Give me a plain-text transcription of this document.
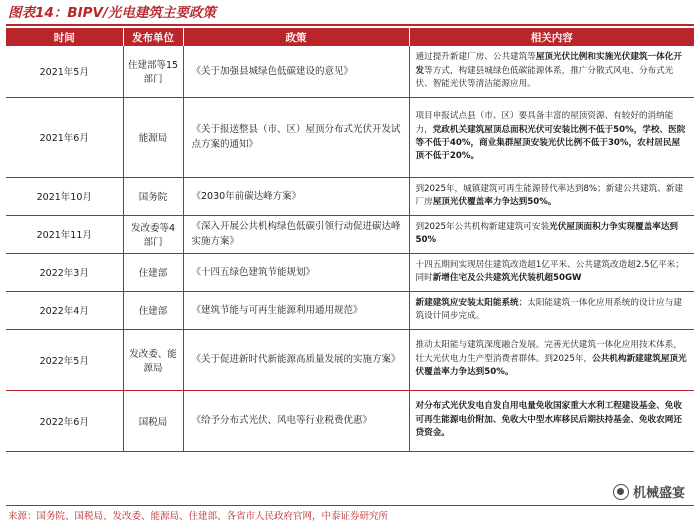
图表14：BIPV/光电建筑主要政策
时间	发布单位	政策	相关内容
2021年5月	住建部等15部门	《关于加强县城绿色低碳建设的意见》	通过提升新建厂房、公共建筑等屋顶光伏比例和实施光伏建筑一体化开发等方式，构建县城绿色低碳能源体系，推广分散式风电、分布式光伏、智能光伏等清洁能源应用。
2021年6月	能源局	《关于报送整县（市、区）屋顶分布式光伏开发试点方案的通知》	项目申报试点县（市、区）要具备丰富的屋顶资源、有较好的消纳能力，党政机关建筑屋顶总面积光伏可安装比例不低于50%，学校、医院等不低于40%，商业集群屋顶安装光伏比例不低于30%，农村居民屋顶不低于20%。
2021年10月	国务院	《2030年前碳达峰方案》	到2025年，城镇建筑可再生能源替代率达到8%；新建公共建筑、新建厂房屋顶光伏覆盖率力争达到50%。
2021年11月	发改委等4部门	《深入开展公共机构绿色低碳引领行动促进碳达峰实施方案》	到2025年公共机构新建建筑可安装光伏屋顶面积力争实现覆盖率达到50%
2022年3月	住建部	《十四五绿色建筑节能规划》	十四五期间实现居住建筑改造超1亿平米、公共建筑改造超2.5亿平米；同时新增住宅及公共建筑光伏装机超50GW
2022年4月	住建部	《建筑节能与可再生能源利用通用规范》	新建建筑应安装太阳能系统；太阳能建筑一体化应用系统的设计应与建筑设计同步完成。
2022年5月	发改委、能源局	《关于促进新时代新能源高质量发展的实施方案》	推动太阳能与建筑深度融合发展。完善光伏建筑一体化应用技术体系，壮大光伏电力生产型消费者群体。到2025年，公共机构新建建筑屋顶光伏覆盖率力争达到50%。
2022年6月	国税局	《给予分布式光伏、风电等行业税费优惠》	对分布式光伏发电自发自用电量免收国家重大水利工程建设基金、免收可再生能源电价附加、免收大中型水库移民后期扶持基金、免收农网还贷资金。
来源：国务院、国税局、发改委、能源局、住建部、各省市人民政府官网，中泰证券研究所
机械盛宴
